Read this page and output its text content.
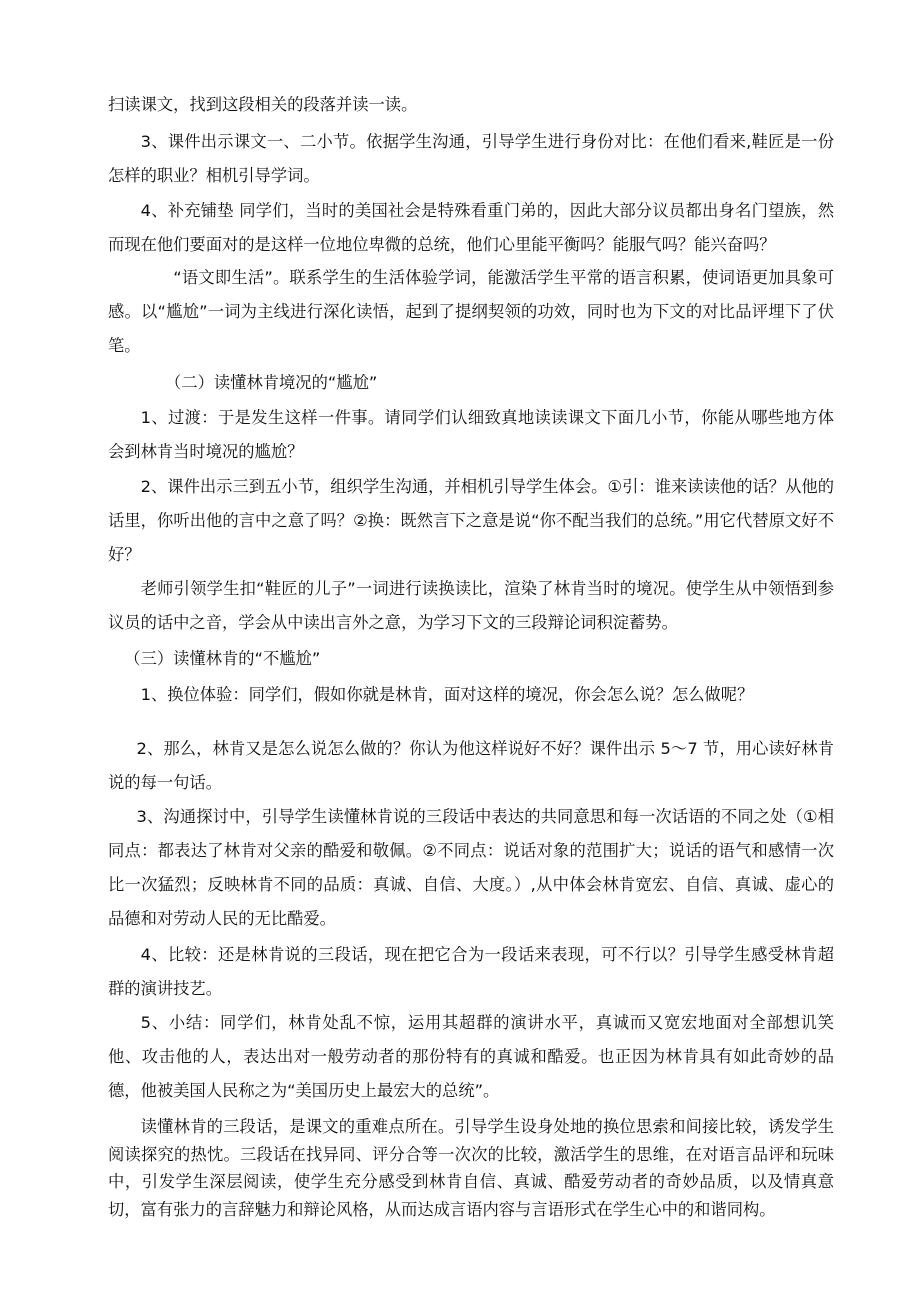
扫读课文，找到这段相关的段落并读一读。

3、课件出示课文一、二小节。依据学生沟通，引导学生进行身份对比：在他们看来,鞋匠是一份怎样的职业？相机引导学词。

4、补充铺垫 同学们，当时的美国社会是特殊看重门弟的，因此大部分议员都出身名门望族，然而现在他们要面对的是这样一位地位卑微的总统，他们心里能平衡吗？能服气吗？能兴奋吗？

“语文即生活”。联系学生的生活体验学词，能激活学生平常的语言积累，使词语更加具象可感。以“尴尬”一词为主线进行深化读悟，起到了提纲契领的功效，同时也为下文的对比品评埋下了伏笔。

（二）读懂林肯境况的“尴尬”

1、过渡：于是发生这样一件事。请同学们认细致真地读读课文下面几小节，你能从哪些地方体会到林肯当时境况的尴尬？

2、课件出示三到五小节，组织学生沟通，并相机引导学生体会。①引：谁来读读他的话？从他的话里，你听出他的言中之意了吗？②换：既然言下之意是说“你不配当我们的总统。”用它代替原文好不好？

老师引领学生扣“鞋匠的儿子”一词进行读换读比，渲染了林肯当时的境况。使学生从中领悟到参议员的话中之音，学会从中读出言外之意，为学习下文的三段辩论词积淀蓄势。

（三）读懂林肯的“不尴尬”

1、换位体验：同学们，假如你就是林肯，面对这样的境况，你会怎么说？怎么做呢？

2、那么，林肯又是怎么说怎么做的？你认为他这样说好不好？课件出示 5～7 节，用心读好林肯说的每一句话。

3、沟通探讨中，引导学生读懂林肯说的三段话中表达的共同意思和每一次话语的不同之处（①相同点：都表达了林肯对父亲的酷爱和敬佩。②不同点：说话对象的范围扩大；说话的语气和感情一次比一次猛烈；反映林肯不同的品质：真诚、自信、大度。）,从中体会林肯宽宏、自信、真诚、虚心的品德和对劳动人民的无比酷爱。

4、比较：还是林肯说的三段话，现在把它合为一段话来表现，可不行以？引导学生感受林肯超群的演讲技艺。

5、小结：同学们，林肯处乱不惊，运用其超群的演讲水平，真诚而又宽宏地面对全部想讥笑他、攻击他的人，表达出对一般劳动者的那份特有的真诚和酷爱。也正因为林肯具有如此奇妙的品德，他被美国人民称之为“美国历史上最宏大的总统”。

读懂林肯的三段话，是课文的重难点所在。引导学生设身处地的换位思索和间接比较，诱发学生阅读探究的热忱。三段话在找异同、评分合等一次次的比较，激活学生的思维，在对语言品评和玩味中，引发学生深层阅读，使学生充分感受到林肯自信、真诚、酷爱劳动者的奇妙品质，以及情真意切，富有张力的言辞魅力和辩论风格，从而达成言语内容与言语形式在学生心中的和谐同构。
